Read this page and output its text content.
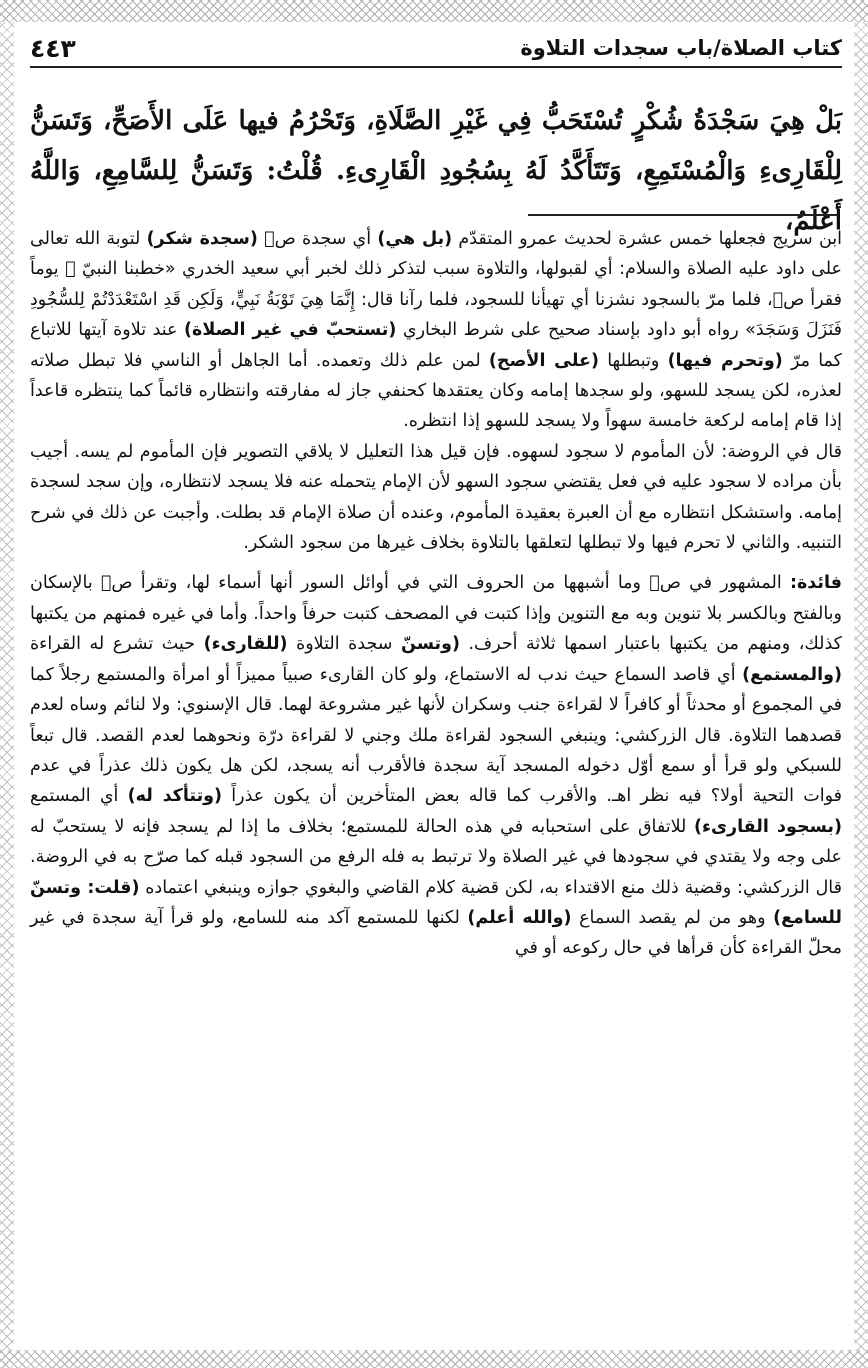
كتاب الصلاة/باب سجدات التلاوة
٤٤٣

بَلْ هِيَ سَجْدَةُ شُكْرٍ تُسْتَحَبُّ فِي غَيْرِ الصَّلَاةِ، وَتَحْرُمُ فيها عَلَى الأَصَحِّ، وَتَسَنُّ لِلْقَارِىءِ وَالْمُسْتَمِعِ، وَتَتَأَكَّدُ لَهُ بِسُجُودِ الْقَارِىءِ. قُلْتُ: وَتَسَنُّ لِلسَّامِعِ، وَاللَّهُ أَعْلَمُ،

ابن سريج فجعلها خمس عشرة لحديث عمرو المتقدّم (بل هي) أي سجدة صۤ (سجدة شكر) لتوبة الله تعالى على داود عليه الصلاة والسلام: أي لقبولها، والتلاوة سبب لتذكر ذلك لخبر أبي سعيد الخدري «خطبنا النبيّ ﷺ يوماً فقرأ صۤ، فلما مرّ بالسجود نشزنا أي تهيأنا للسجود، فلما رآنا قال: إِنَّمَا هِيَ تَوْبَةُ نَبِيٍّ، وَلَكِن قَدِ اسْتَعْدَدْتُمْ لِلسُّجُودِ فَنَزَلَ وَسَجَدَ» رواه أبو داود بإسناد صحيح على شرط البخاري (تستحبّ في غير الصلاة) عند تلاوة آيتها للاتباع كما مرّ (وتحرم فيها) وتبطلها (على الأصح) لمن علم ذلك وتعمده. أما الجاهل أو الناسي فلا تبطل صلاته لعذره، لكن يسجد للسهو، ولو سجدها إمامه وكان يعتقدها كحنفي جاز له مفارقته وانتظاره قائماً كما ينتظره قاعداً إذا قام إمامه لركعة خامسة سهواً ولا يسجد للسهو إذا انتظره.

قال في الروضة: لأن المأموم لا سجود لسهوه. فإن قيل هذا التعليل لا يلاقي التصوير فإن المأموم لم يسه. أجيب بأن مراده لا سجود عليه في فعل يقتضي سجود السهو لأن الإمام يتحمله عنه فلا يسجد لانتظاره، وإن سجد لسجدة إمامه. واستشكل انتظاره مع أن العبرة بعقيدة المأموم، وعنده أن صلاة الإمام قد بطلت. وأجبت عن ذلك في شرح التنبيه. والثاني لا تحرم فيها ولا تبطلها لتعلقها بالتلاوة بخلاف غيرها من سجود الشكر.

فائدة: المشهور في صۤ وما أشبهها من الحروف التي في أوائل السور أنها أسماء لها، وتقرأ صۤ بالإسكان وبالفتح وبالكسر بلا تنوين وبه مع التنوين وإذا كتبت في المصحف كتبت حرفاً واحداً. وأما في غيره فمنهم من يكتبها كذلك، ومنهم من يكتبها باعتبار اسمها ثلاثة أحرف. (وتسنّ سجدة التلاوة (للقارىء) حيث تشرع له القراءة (والمستمع) أي قاصد السماع حيث ندب له الاستماع، ولو كان القارىء صبياً مميزاً أو امرأة والمستمع رجلاً كما في المجموع أو محدثاً أو كافراً لا لقراءة جنب وسكران لأنها غير مشروعة لهما. قال الإسنوي: ولا لنائم وساه لعدم قصدهما التلاوة. قال الزركشي: وينبغي السجود لقراءة ملك وجني لا لقراءة درّة ونحوهما لعدم القصد. قال تبعاً للسبكي ولو قرأ أو سمع أوّل دخوله المسجد آية سجدة فالأقرب أنه يسجد، لكن هل يكون ذلك عذراً في عدم فوات التحية أولا؟ فيه نظر اهـ. والأقرب كما قاله بعض المتأخرين أن يكون عذراً (وتتأكد له) أي المستمع (بسجود القارىء) للاتفاق على استحبابه في هذه الحالة للمستمع؛ بخلاف ما إذا لم يسجد فإنه لا يستحبّ له على وجه ولا يقتدي في سجودها في غير الصلاة ولا ترتبط به فله الرفع من السجود قبله كما صرّح به في الروضة. قال الزركشي: وقضية ذلك منع الاقتداء به، لكن قضية كلام القاضي والبغوي جوازه وينبغي اعتماده (قلت: وتسنّ للسامع) وهو من لم يقصد السماع (والله أعلم) لكنها للمستمع آكد منه للسامع، ولو قرأ آية سجدة في غير محلّ القراءة كأن قرأها في حال ركوعه أو في
